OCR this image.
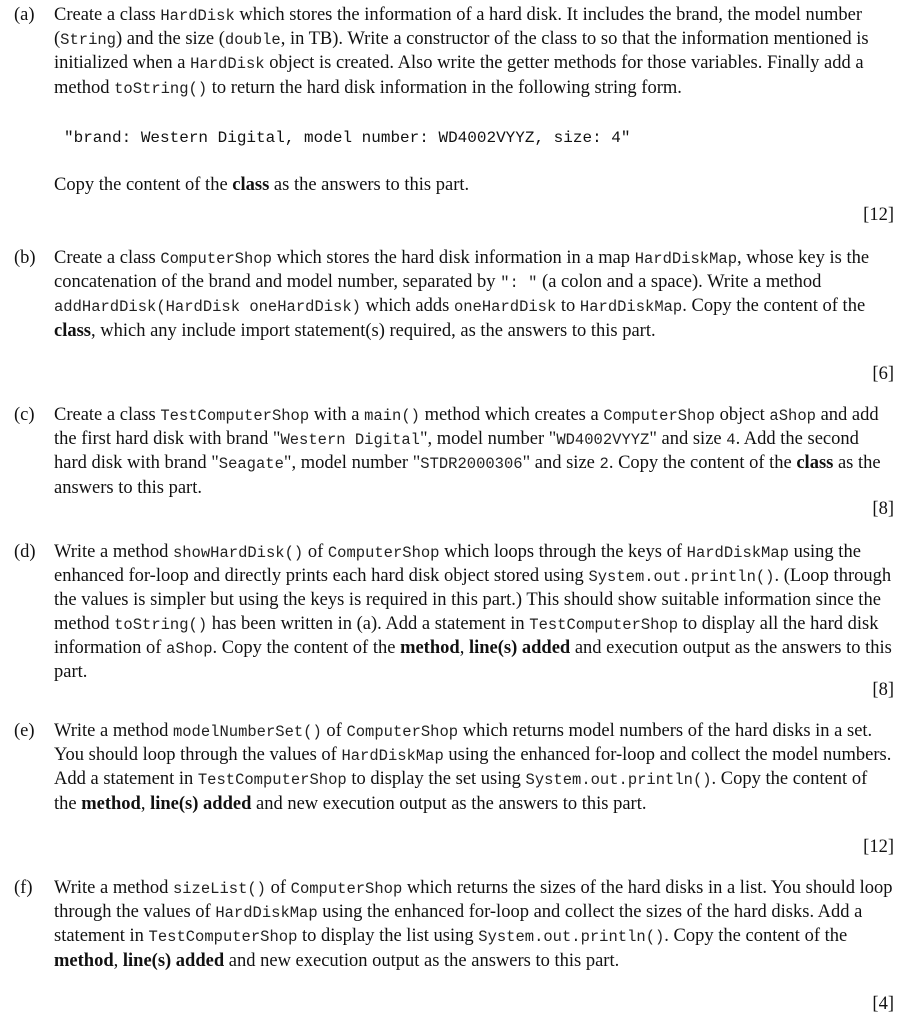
(a) Create a class HardDisk which stores the information of a hard disk. It includes the brand, the model number (String) and the size (double, in TB). Write a constructor of the class to so that the information mentioned is initialized when a HardDisk object is created. Also write the getter methods for those variables. Finally add a method toString() to return the hard disk information in the following string form.
"brand: Western Digital, model number: WD4002VYYZ, size: 4"
Copy the content of the class as the answers to this part.
[12]
(b) Create a class ComputerShop which stores the hard disk information in a map HardDiskMap, whose key is the concatenation of the brand and model number, separated by ": " (a colon and a space). Write a method addHardDisk(HardDisk oneHardDisk) which adds oneHardDisk to HardDiskMap. Copy the content of the class, which any include import statement(s) required, as the answers to this part.
[6]
(c) Create a class TestComputerShop with a main() method which creates a ComputerShop object aShop and add the first hard disk with brand "Western Digital", model number "WD4002VYYZ" and size 4. Add the second hard disk with brand "Seagate", model number "STDR2000306" and size 2. Copy the content of the class as the answers to this part.
[8]
(d) Write a method showHardDisk() of ComputerShop which loops through the keys of HardDiskMap using the enhanced for-loop and directly prints each hard disk object stored using System.out.println(). (Loop through the values is simpler but using the keys is required in this part.) This should show suitable information since the method toString() has been written in (a). Add a statement in TestComputerShop to display all the hard disk information of aShop. Copy the content of the method, line(s) added and execution output as the answers to this part.
[8]
(e) Write a method modelNumberSet() of ComputerShop which returns model numbers of the hard disks in a set. You should loop through the values of HardDiskMap using the enhanced for-loop and collect the model numbers. Add a statement in TestComputerShop to display the set using System.out.println(). Copy the content of the method, line(s) added and new execution output as the answers to this part.
[12]
(f) Write a method sizeList() of ComputerShop which returns the sizes of the hard disks in a list. You should loop through the values of HardDiskMap using the enhanced for-loop and collect the sizes of the hard disks. Add a statement in TestComputerShop to display the list using System.out.println(). Copy the content of the method, line(s) added and new execution output as the answers to this part.
[4]
